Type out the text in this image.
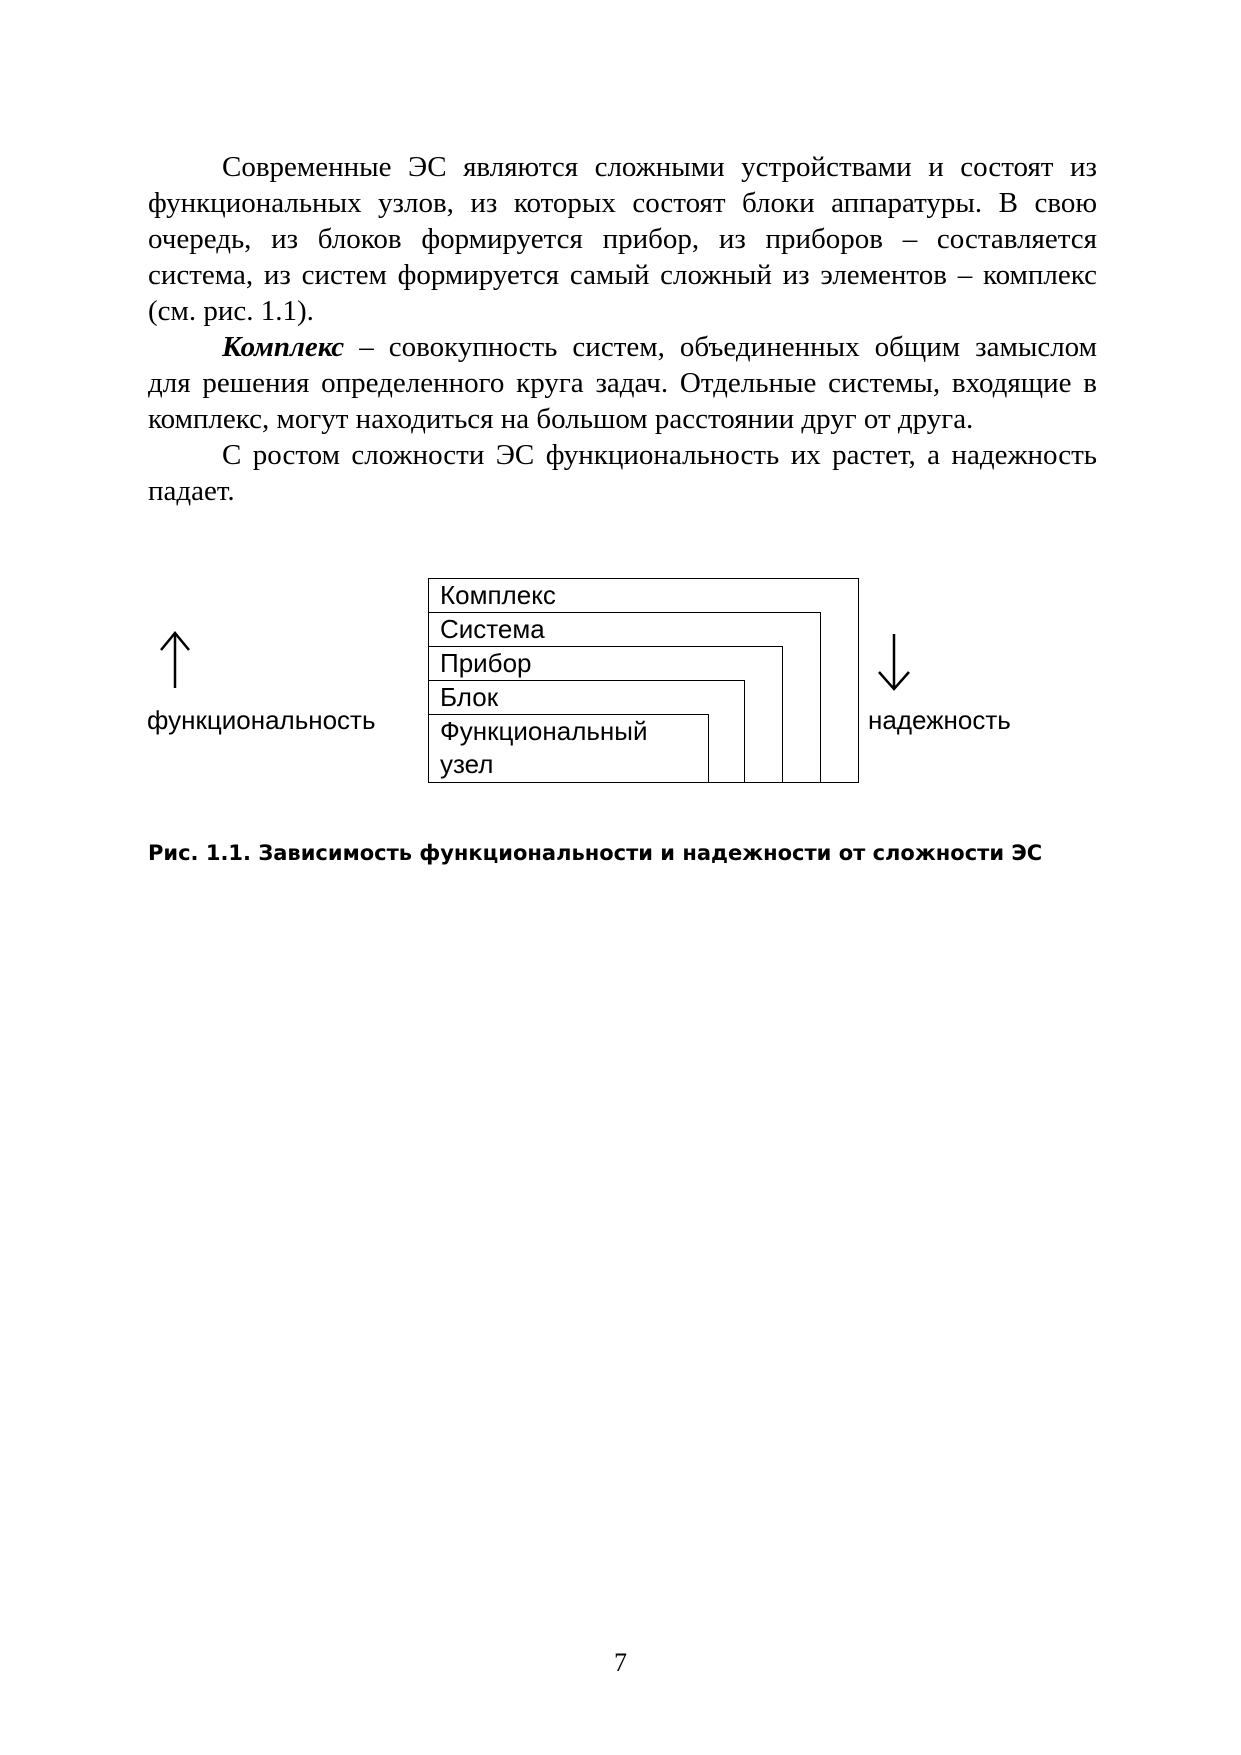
Современные ЭС являются сложными устройствами и состоят из функциональных узлов, из которых состоят блоки аппаратуры. В свою очередь, из блоков формируется прибор, из приборов – составляется система, из систем формируется самый сложный из элементов – комплекс (см. рис. 1.1).

Комплекс – совокупность систем, объединенных общим замыслом для решения определенного круга задач. Отдельные системы, входящие в комплекс, могут находиться на большом расстоянии друг от друга.

С ростом сложности ЭС функциональность их растет, а надежность падает.

Комплекс
Система
Прибор
Блок
Функциональный узел
функциональность	надежность
Рис. 1.1. Зависимость функциональности и надежности от сложности ЭС
7
